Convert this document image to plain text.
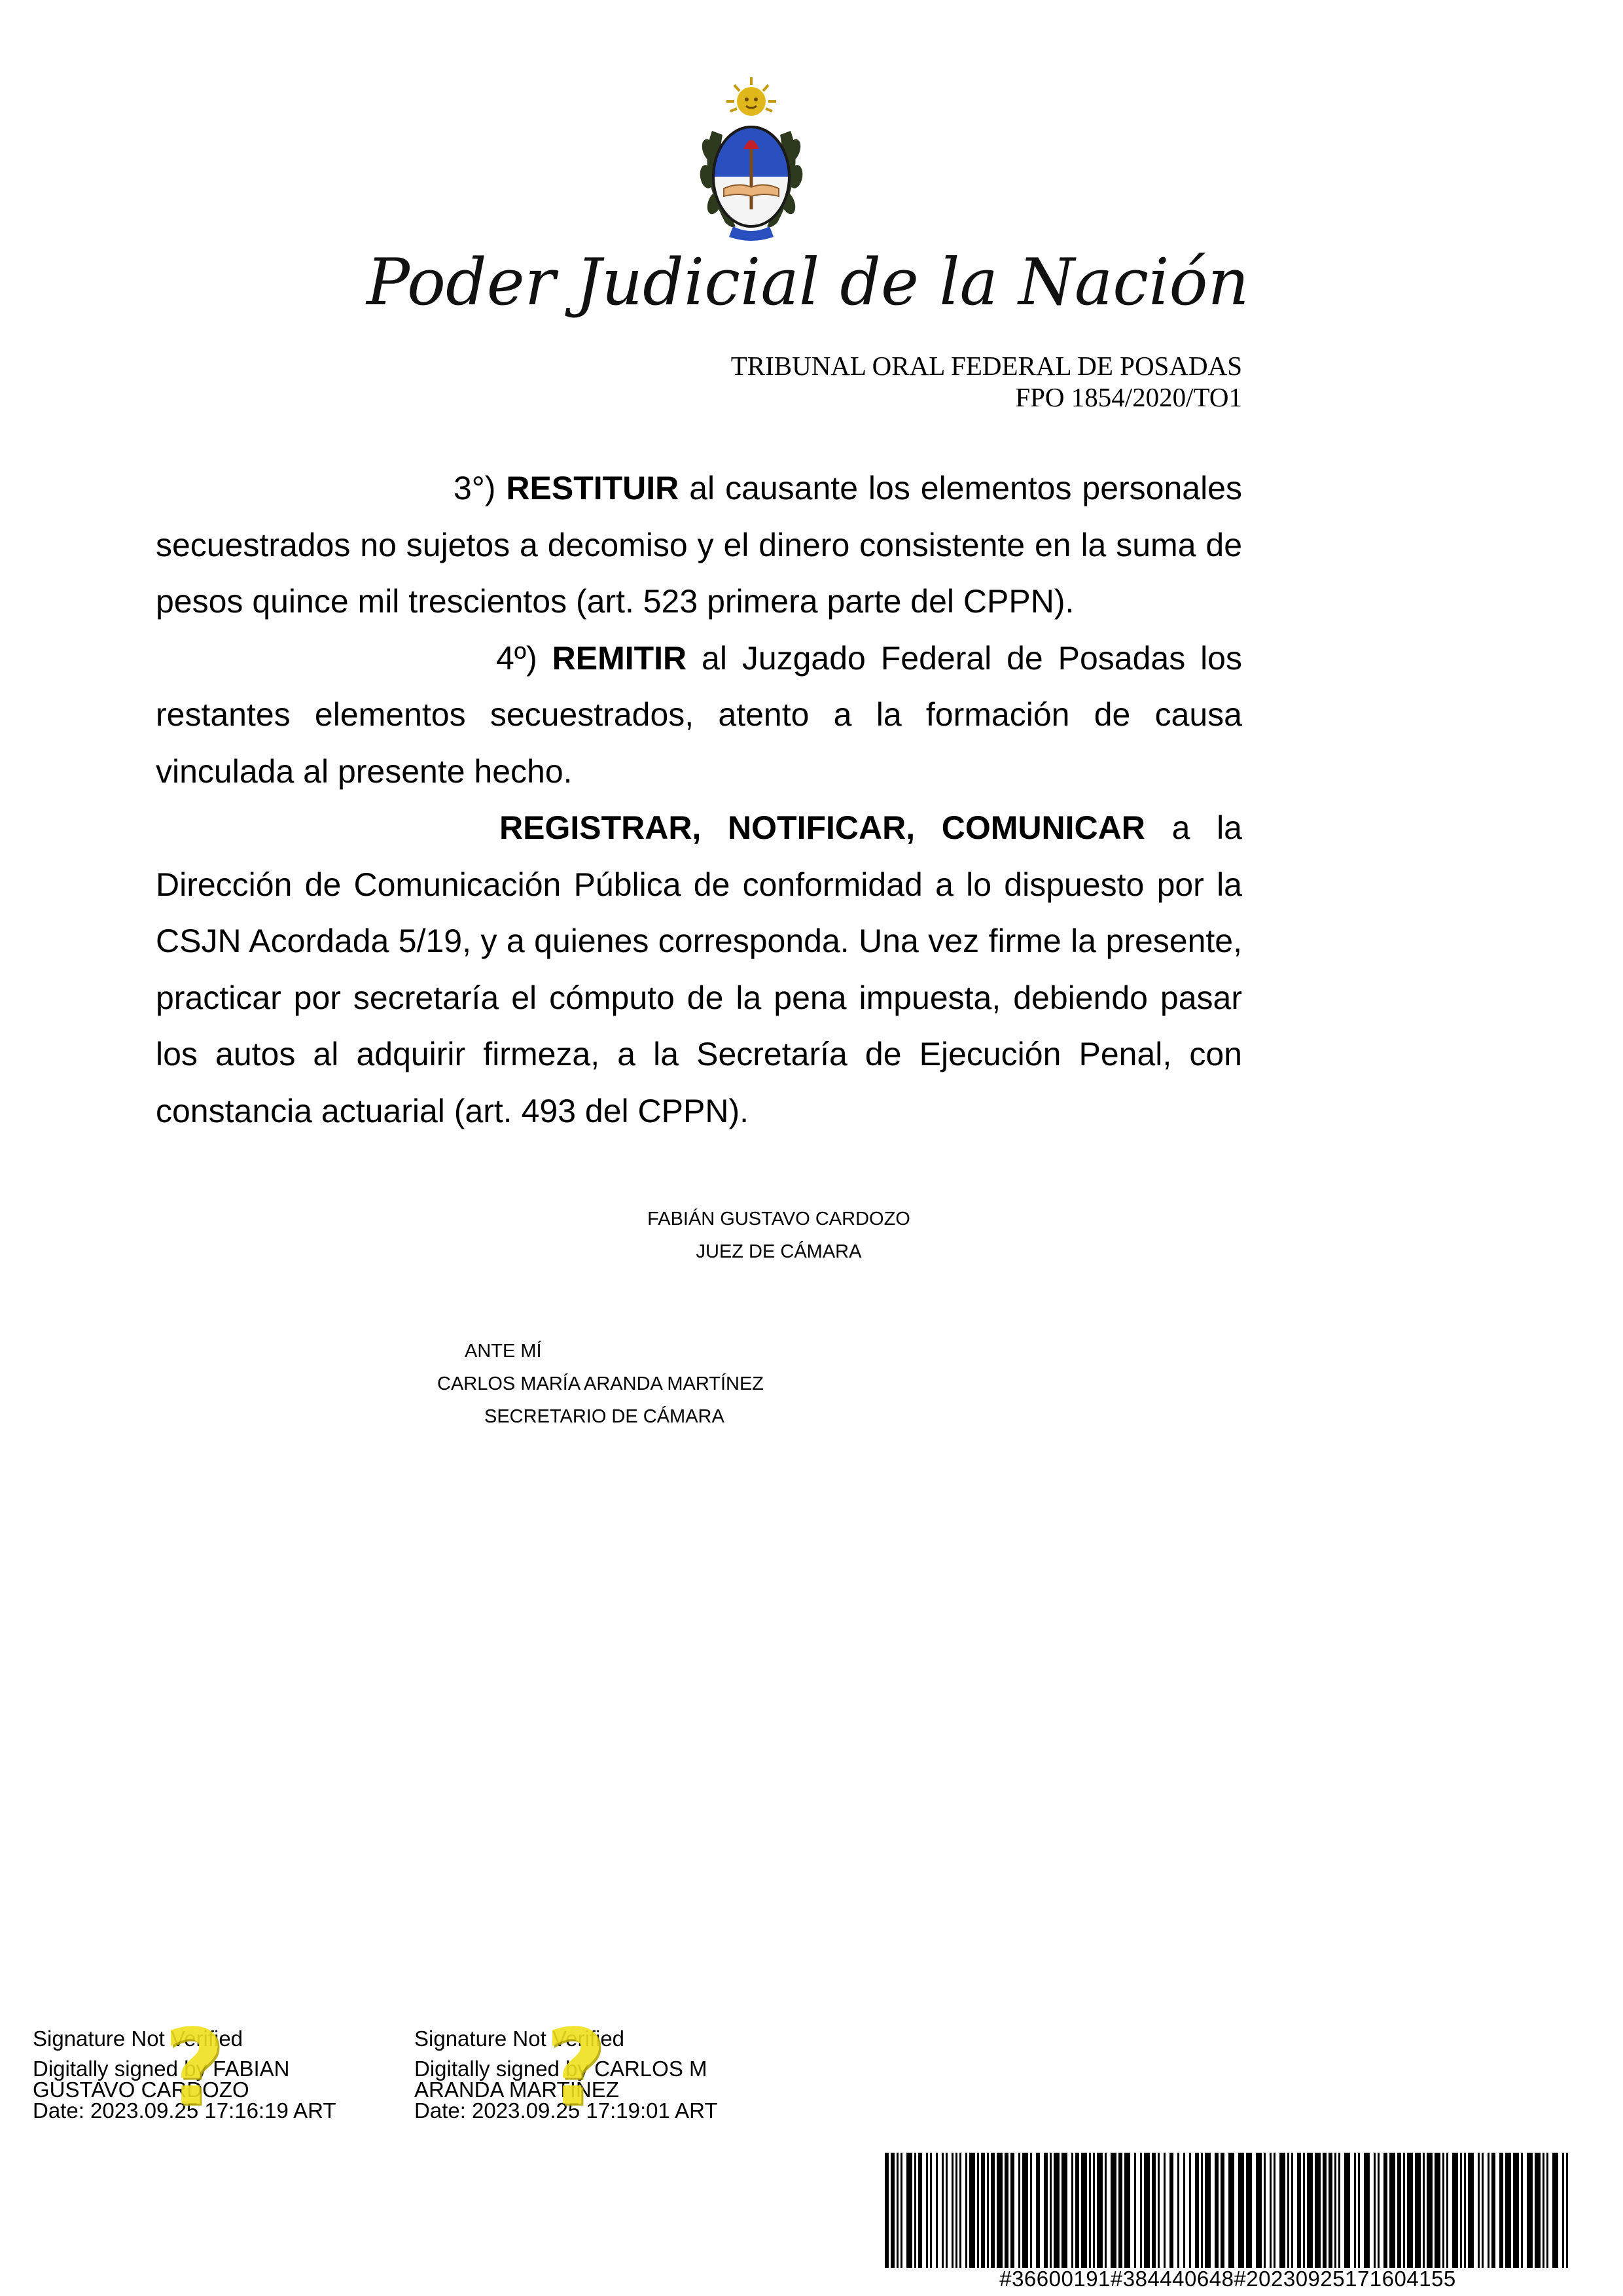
Poder Judicial de la Nación
TRIBUNAL ORAL FEDERAL DE POSADAS
FPO 1854/2020/TO1

3°) RESTITUIR al causante los elementos personales secuestrados no sujetos a decomiso y el dinero consistente en la suma de pesos quince mil trescientos (art. 523 primera parte del CPPN).

4º) REMITIR al Juzgado Federal de Posadas los restantes elementos secuestrados, atento a la formación de causa vinculada al presente hecho.

REGISTRAR, NOTIFICAR, COMUNICAR a la Dirección de Comunicación Pública de conformidad a lo dispuesto por la CSJN Acordada 5/19, y a quienes corresponda. Una vez firme la presente, practicar por secretaría el cómputo de la pena impuesta, debiendo pasar los autos al adquirir firmeza, a la Secretaría de Ejecución Penal, con constancia actuarial (art. 493 del CPPN).

FABIÁN GUSTAVO CARDOZO
JUEZ DE CÁMARA
ANTE MÍ
CARLOS MARÍA ARANDA MARTÍNEZ
SECRETARIO DE CÁMARA
?
Signature Not Verified
Digitally signed by FABIAN
GUSTAVO CARDOZO
Date: 2023.09.25 17:16:19 ART ?
Signature Not Verified
Digitally signed by CARLOS M
ARANDA MARTINEZ
Date: 2023.09.25 17:19:01 ART
#36600191#384440648#20230925171604155
